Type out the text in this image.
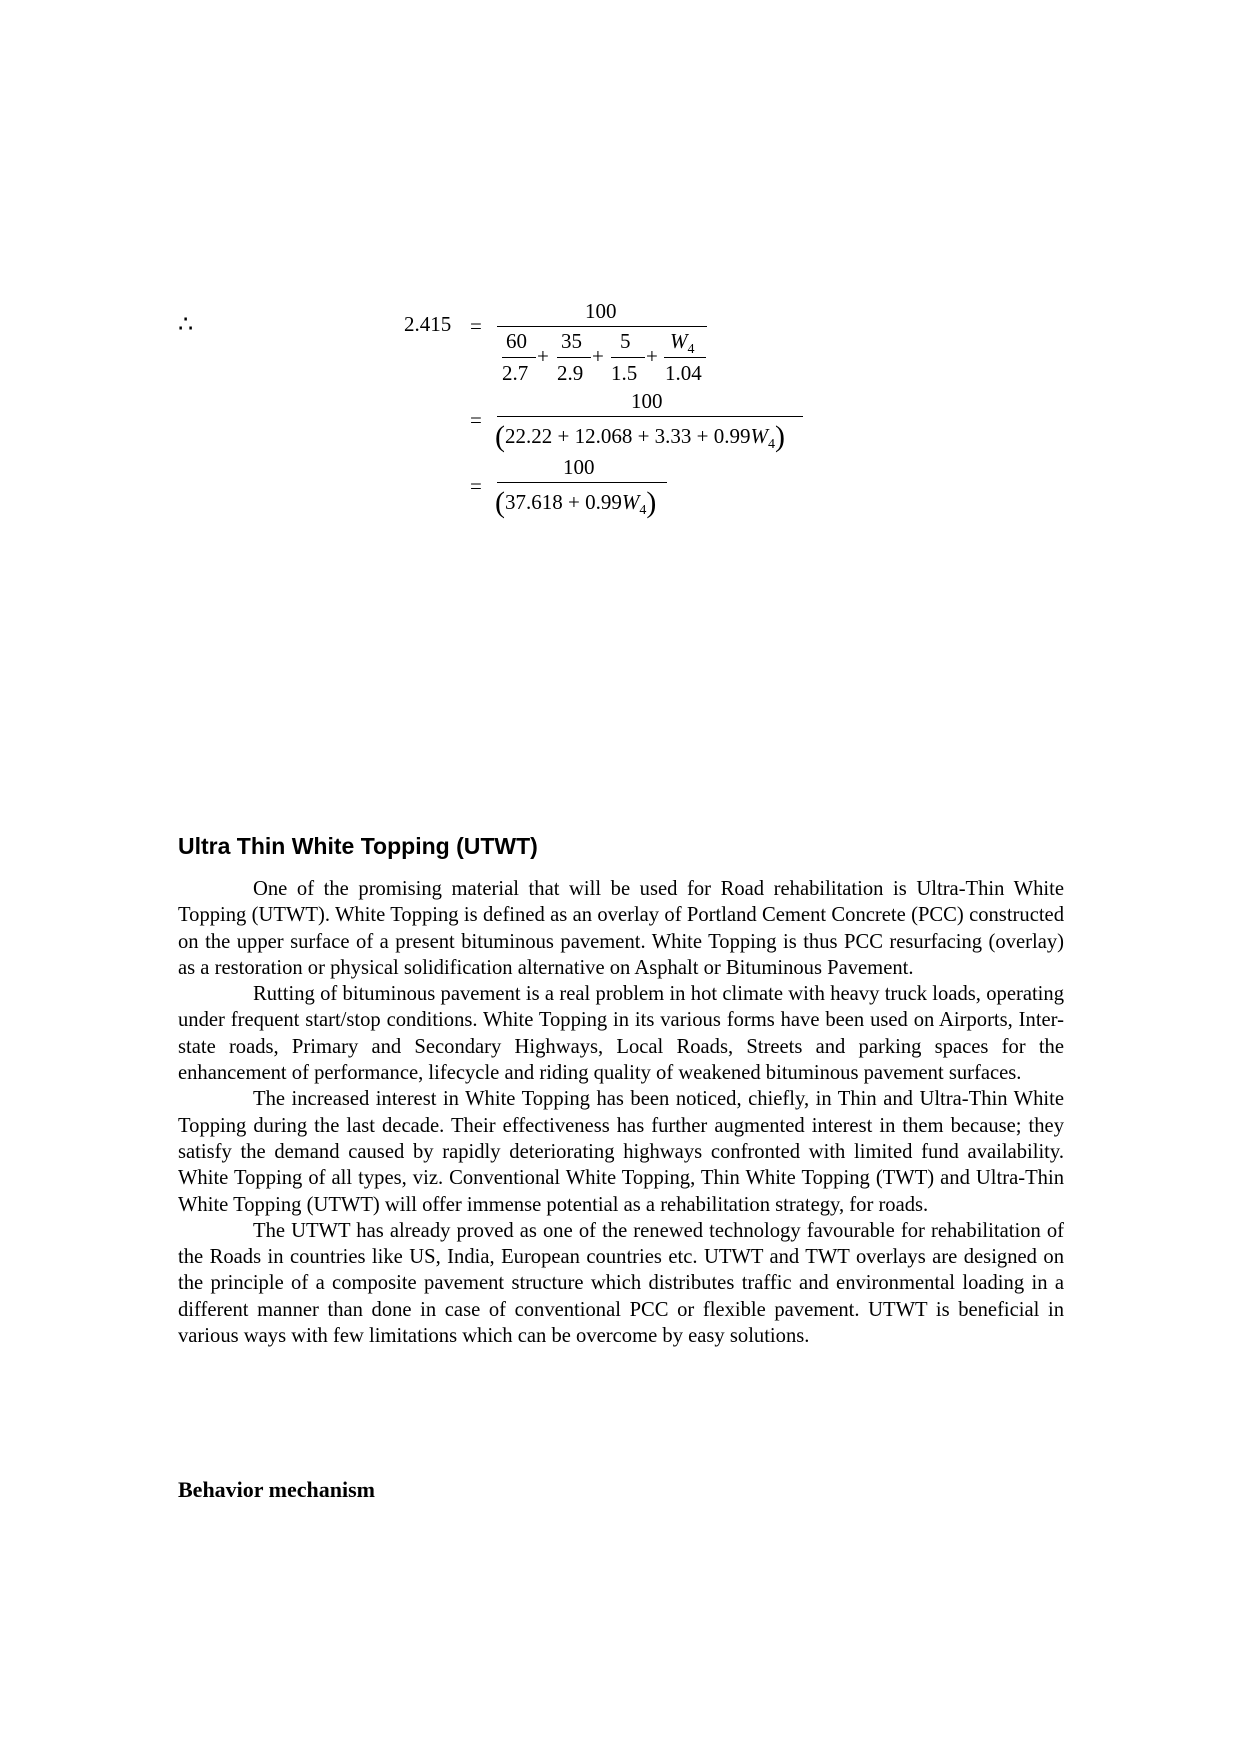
∴	2.415 =
100
60
2.7
+
35
2.9
+
5
1.5
+
$W_4$
1.04
=
100
$(22.22 + 12.068 + 3.33 + 0.99W_4)$
=
100
$(37.618 + 0.99W_4)$
Ultra Thin White Topping (UTWT)

One of the promising material that will be used for Road rehabilitation is Ultra-Thin White Topping (UTWT). White Topping is defined as an overlay of Portland Cement Concrete (PCC) constructed on the upper surface of a present bituminous pavement. White Topping is thus PCC resurfacing (overlay) as a restoration or physical solidification alternative on Asphalt or Bituminous Pavement.

Rutting of bituminous pavement is a real problem in hot climate with heavy truck loads, operating under frequent start/stop conditions. White Topping in its various forms have been used on Airports, Inter-state roads, Primary and Secondary Highways, Local Roads, Streets and parking spaces for the enhancement of performance, lifecycle and riding quality of weakened bituminous pavement surfaces.

The increased interest in White Topping has been noticed, chiefly, in Thin and Ultra-Thin White Topping during the last decade. Their effectiveness has further augmented interest in them because; they satisfy the demand caused by rapidly deteriorating highways confronted with limited fund availability. White Topping of all types, viz. Conventional White Topping, Thin White Topping (TWT) and Ultra-Thin White Topping (UTWT) will offer immense potential as a rehabilitation strategy, for roads.

The UTWT has already proved as one of the renewed technology favourable for rehabilitation of the Roads in countries like US, India, European countries etc. UTWT and TWT overlays are designed on the principle of a composite pavement structure which distributes traffic and environmental loading in a different manner than done in case of conventional PCC or flexible pavement. UTWT is beneficial in various ways with few limitations which can be overcome by easy solutions.

Behavior mechanism
